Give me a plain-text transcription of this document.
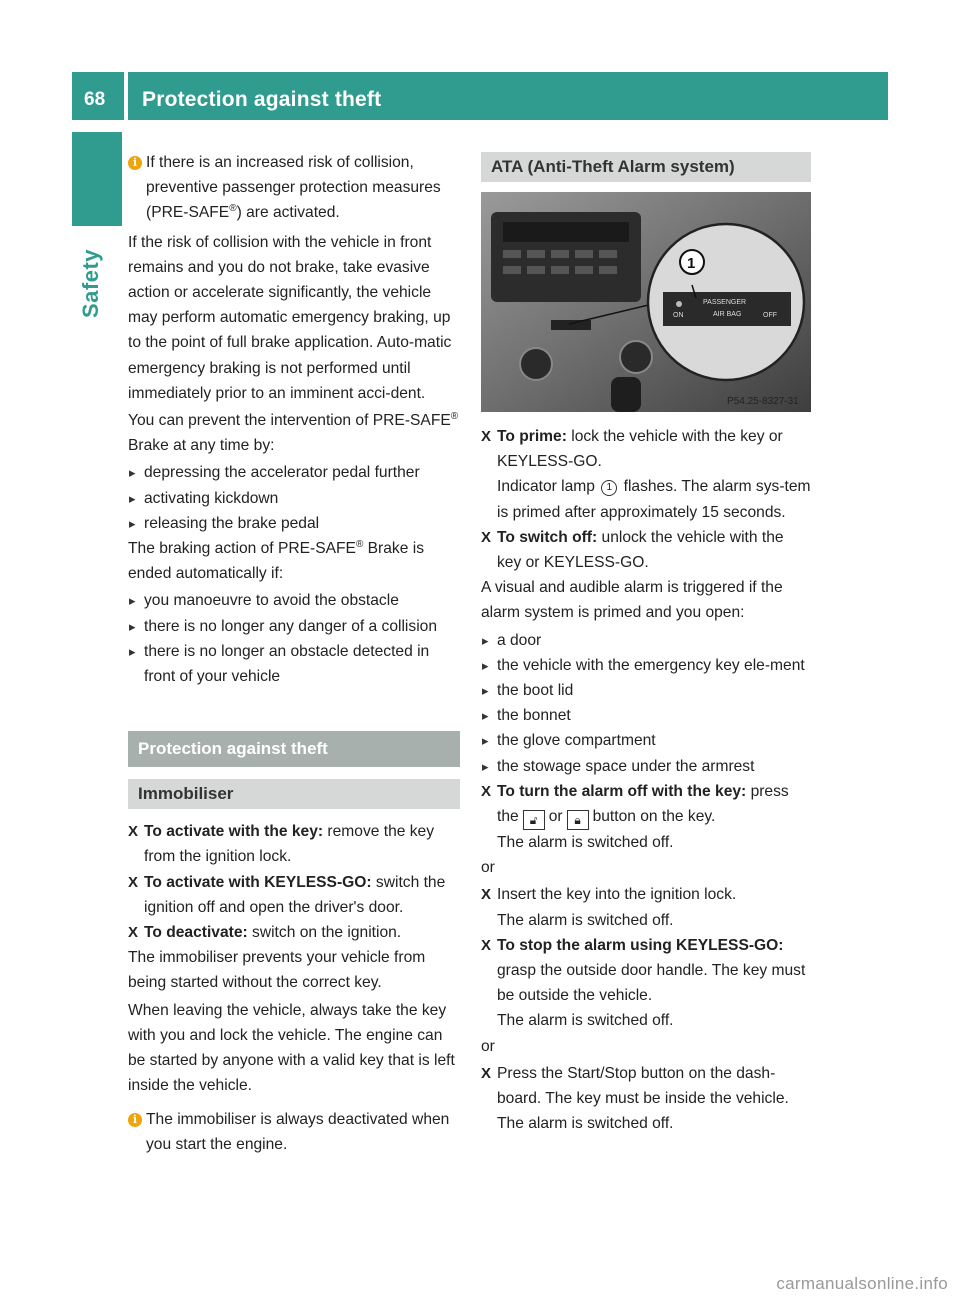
68 Protection against theft
Safety
i If there is an increased risk of collision,
preventive passenger protection measures
(PRE-SAFE®) are activated.

If the risk of collision with the vehicle in front remains and you do not brake, take evasive action or accelerate significantly, the vehicle may perform automatic emergency braking, up to the point of full brake application. Auto-matic emergency braking is not performed until immediately prior to an imminent acci-dent.

You can prevent the intervention of PRE-SAFE® Brake at any time by:

▸ depressing the accelerator pedal further
▸ activating kickdown
▸ releasing the brake pedal

The braking action of PRE-SAFE® Brake is ended automatically if:

▸ you manoeuvre to avoid the obstacle
▸ there is no longer any danger of a collision
▸ there is no longer an obstacle detected in front of your vehicle
Protection against theft
Immobiliser
X To activate with the key: remove the key from the ignition lock.
X To activate with KEYLESS-GO: switch the ignition off and open the driver's door.
X To deactivate: switch on the ignition.

The immobiliser prevents your vehicle from being started without the correct key.

When leaving the vehicle, always take the key with you and lock the vehicle. The engine can be started by anyone with a valid key that is left inside the vehicle.

i The immobiliser is always deactivated when you start the engine.
ATA (Anti-Theft Alarm system)
ON
PASSENGER
AIR BAG	OFF
1
P54.25-8327-31
X To prime: lock the vehicle with the key or KEYLESS-GO.
Indicator lamp 1 flashes. The alarm sys-tem is primed after approximately 15 seconds.
X To switch off: unlock the vehicle with the key or KEYLESS-GO.

A visual and audible alarm is triggered if the alarm system is primed and you open:

▸ a door
▸ the vehicle with the emergency key ele-ment
▸ the boot lid
▸ the bonnet
▸ the glove compartment
▸ the stowage space under the armrest
X To turn the alarm off with the key: press
the 🔓︎ or 🔒︎ button on the key.
The alarm is switched off.

or

X Insert the key into the ignition lock.
The alarm is switched off.
X To stop the alarm using KEYLESS-GO:
grasp the outside door handle. The key must be outside the vehicle.
The alarm is switched off.

or

X Press the Start/Stop button on the dash-board. The key must be inside the vehicle.
The alarm is switched off.
carmanualsonline.info
